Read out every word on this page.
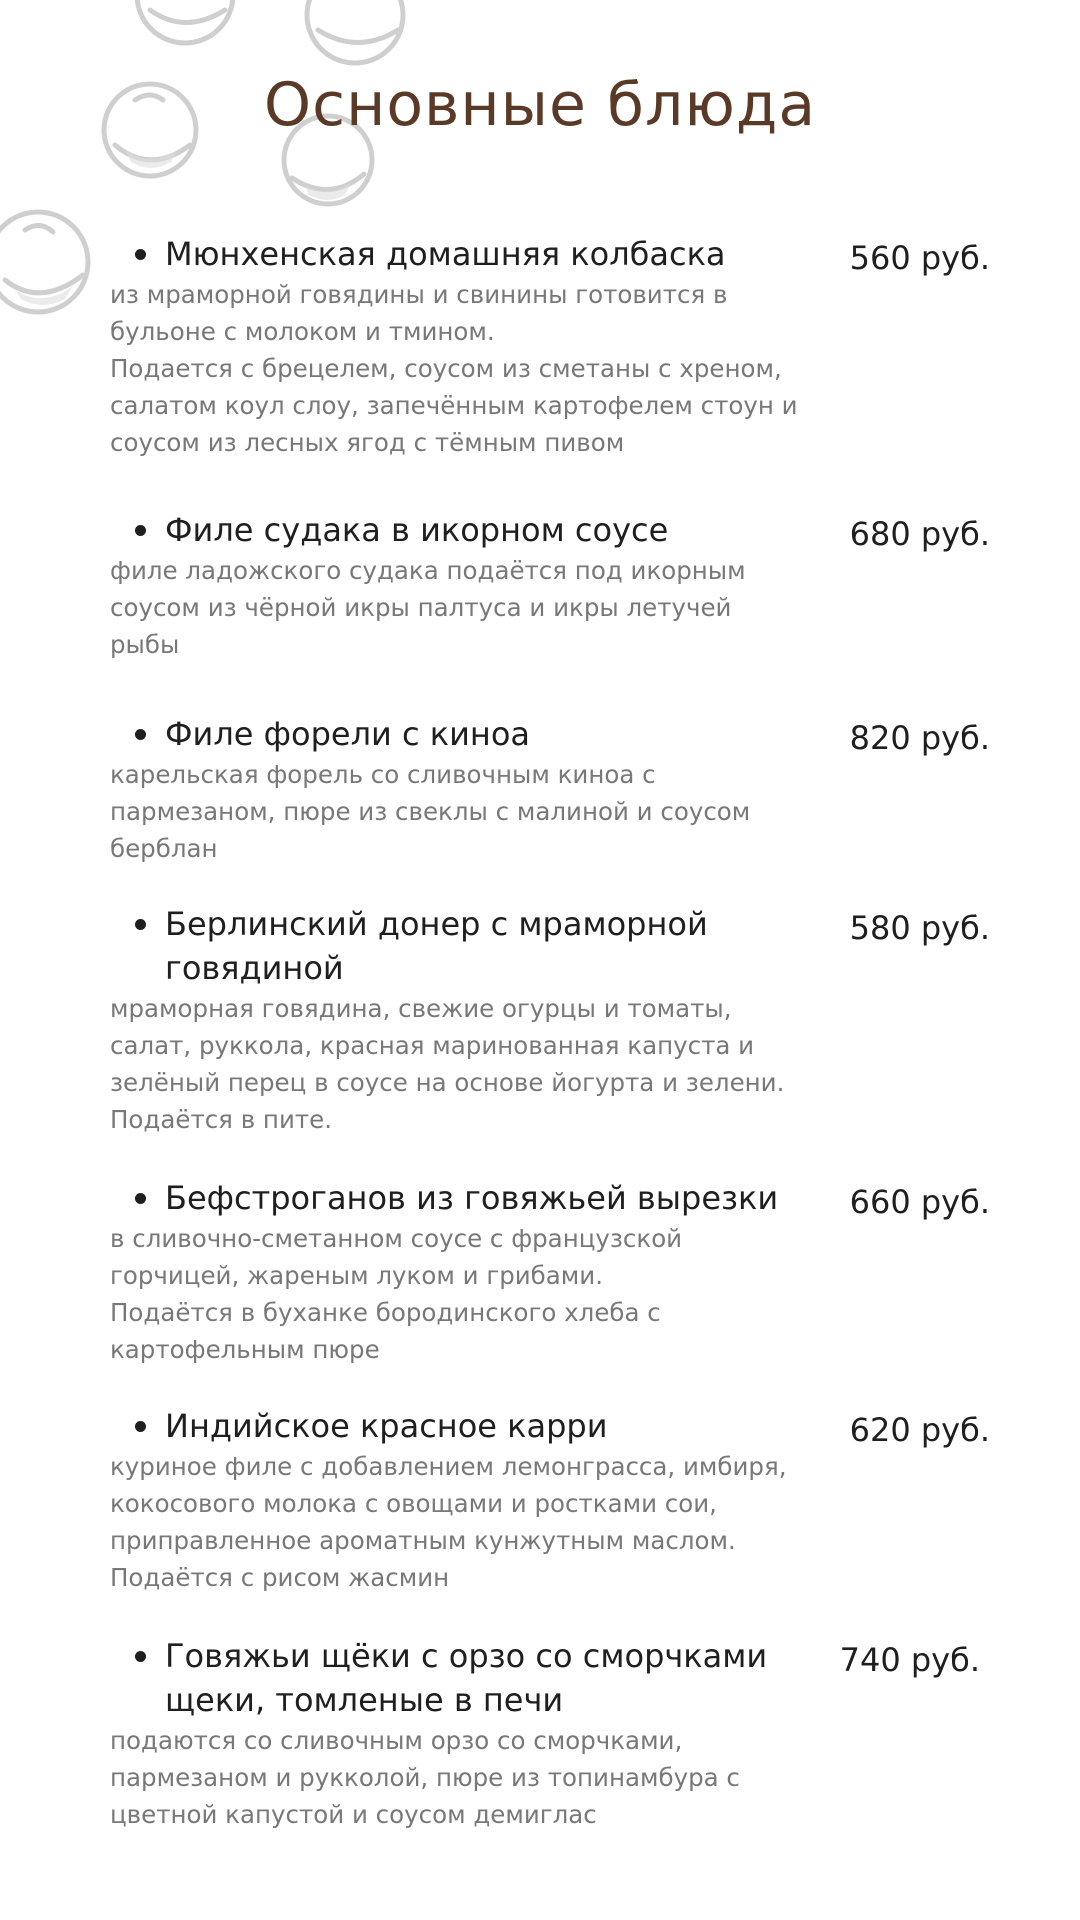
Основные блюда
Мюнхенская домашняя колбаска	560 руб.
из мраморной говядины и свинины готовится в
бульоне с молоком и тмином.
Подается с брецелем, соусом из сметаны с хреном,
салатом коул слоу, запечённым картофелем стоун и
соусом из лесных ягод с тёмным пивом
Филе судака в икорном соусе	680 руб.
филе ладожского судака подаётся под икорным
соусом из чёрной икры палтуса и икры летучей
рыбы
Филе форели с киноа	820 руб.
карельская форель со сливочным киноа с
пармезаном, пюре из свеклы с малиной и соусом
берблан
Берлинский донер с мраморной говядиной
580 руб.
мраморная говядина, свежие огурцы и томаты,
салат, руккола, красная маринованная капуста и
зелёный перец в соусе на основе йогурта и зелени.
Подаётся в пите.
Бефстроганов из говяжьей вырезки	660 руб.
в сливочно-сметанном соусе с французской
горчицей, жареным луком и грибами.
Подаётся в буханке бородинского хлеба с
картофельным пюре
Индийское красное карри	620 руб.
куриное филе с добавлением лемонграсса, имбиря,
кокосового молока с овощами и ростками сои,
приправленное ароматным кунжутным маслом.
Подаётся с рисом жасмин
Говяжьи щёки с орзо со сморчками щеки, томленые в печи
740 руб.
подаются со сливочным орзо со сморчками,
пармезаном и рукколой, пюре из топинамбура с
цветной капустой и соусом демиглас
